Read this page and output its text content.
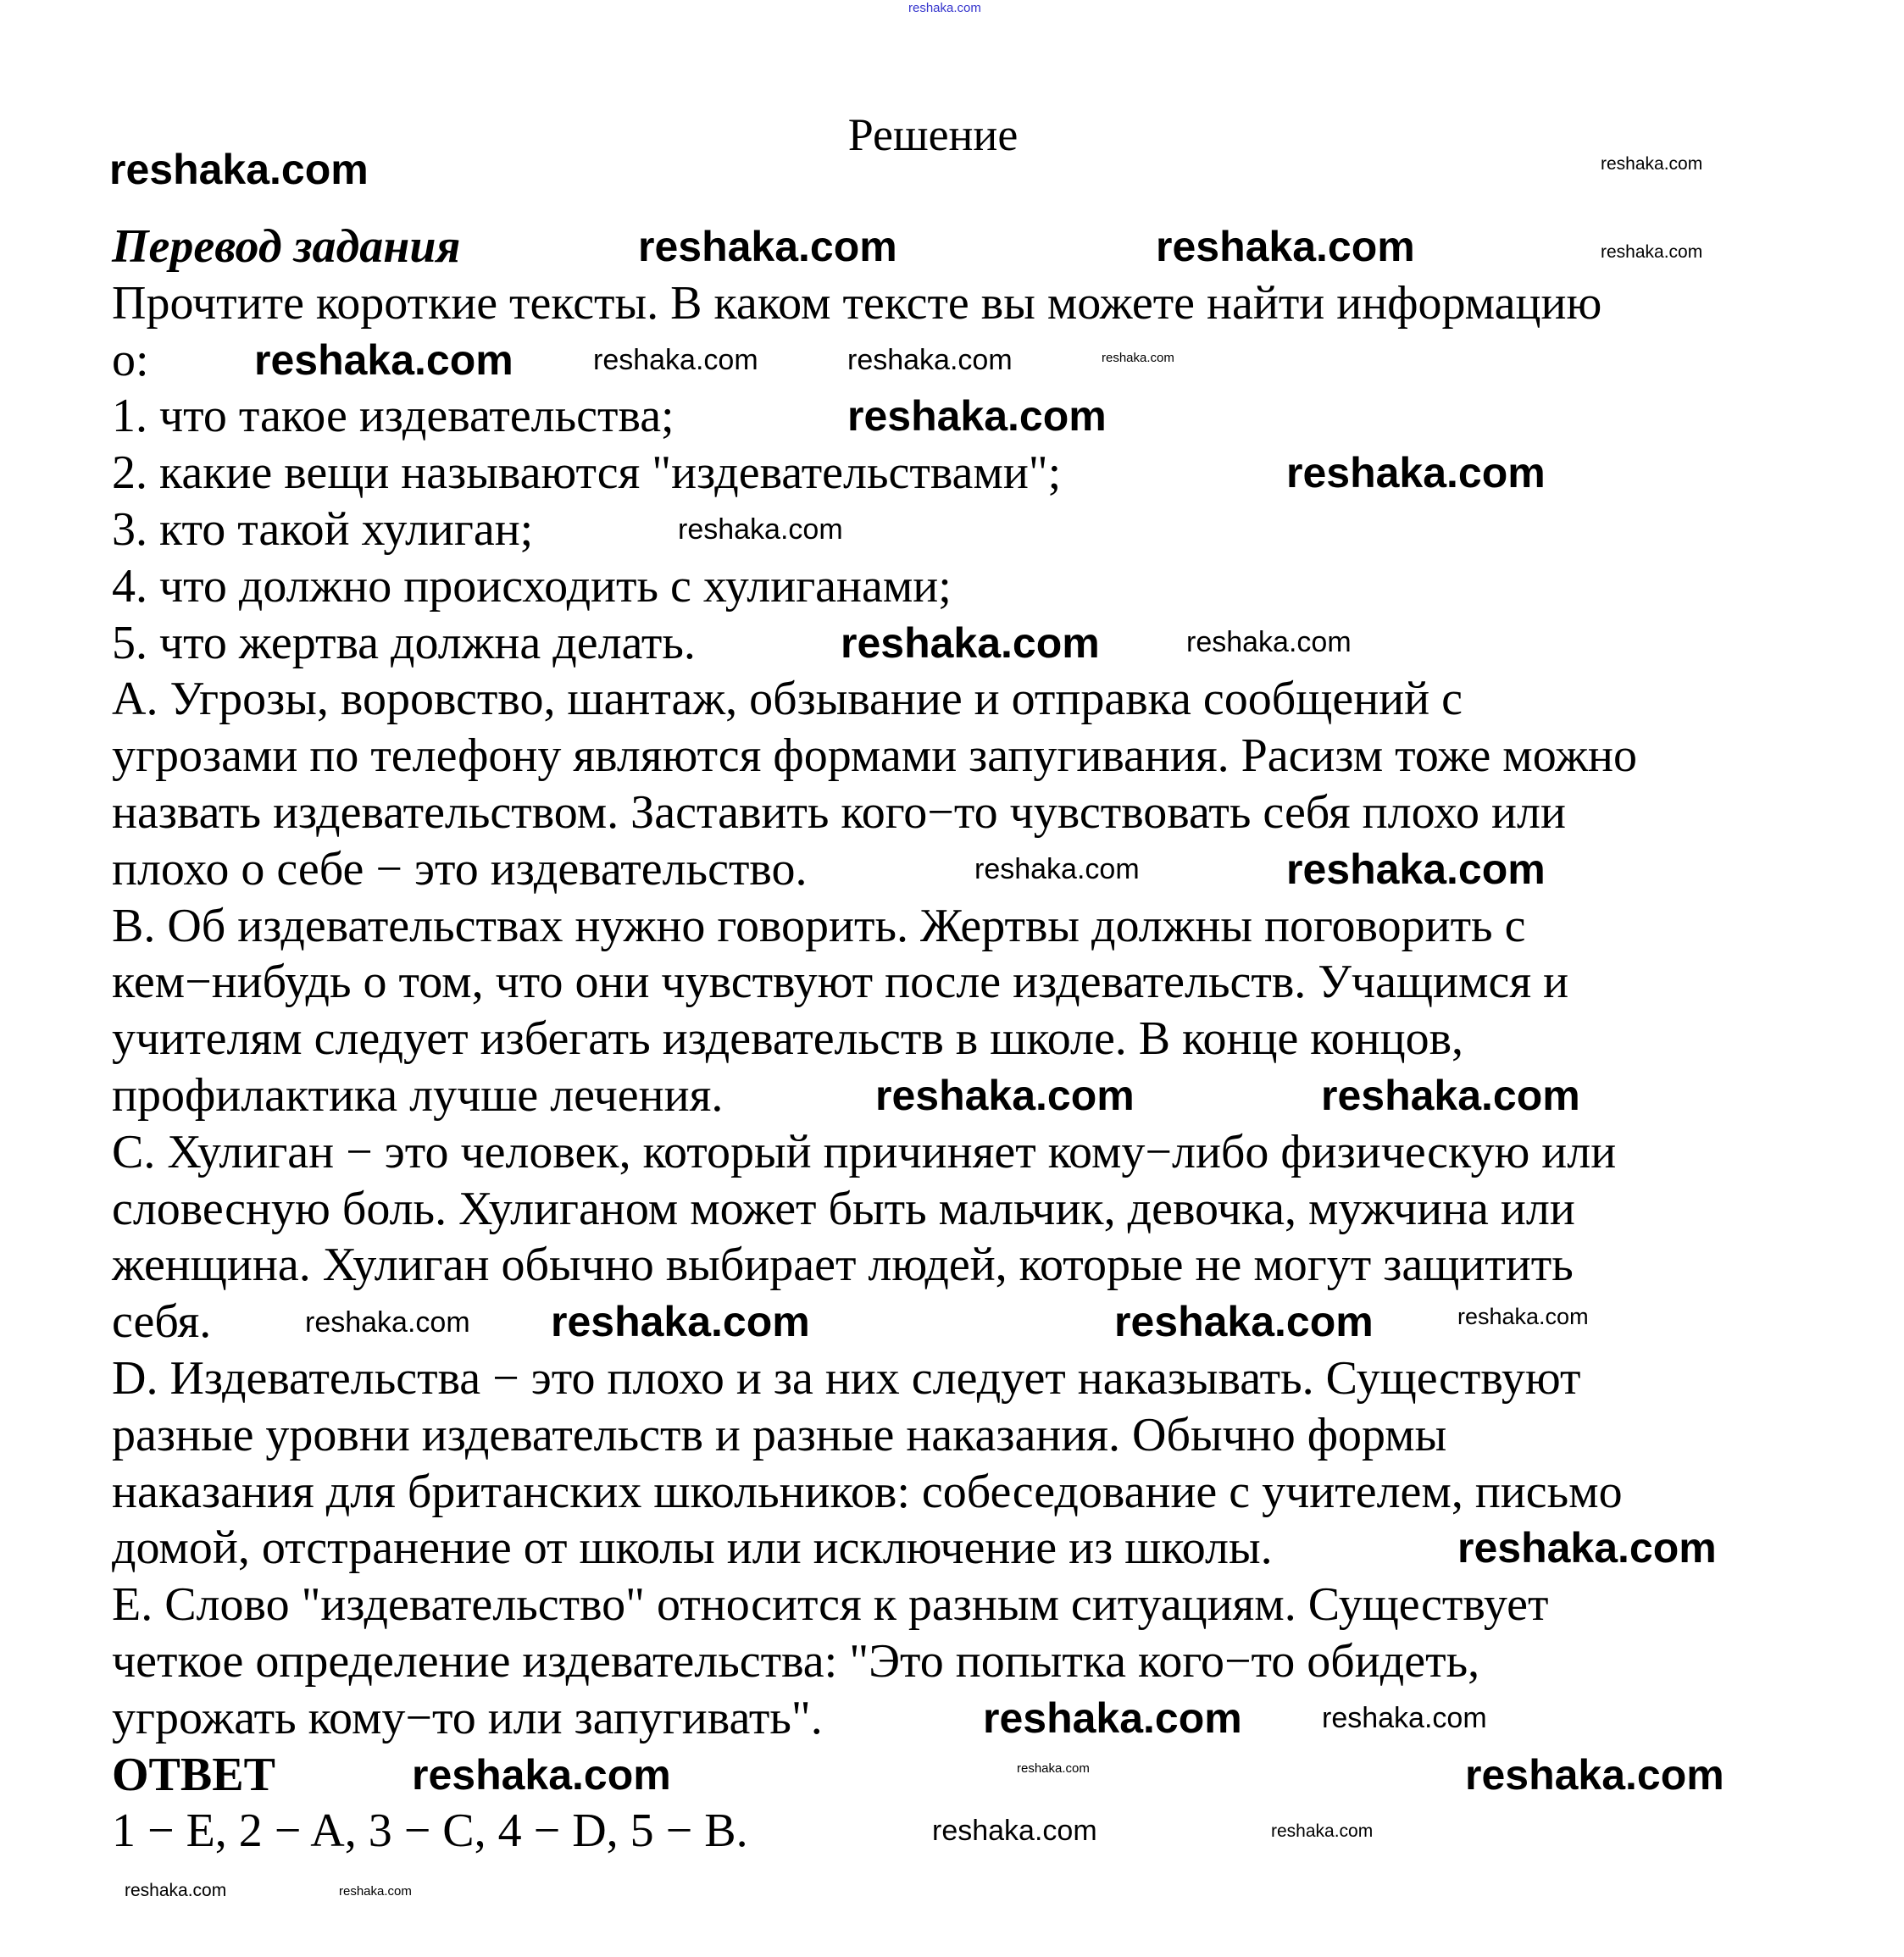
Решение
Перевод задания
Прочтите короткие тексты. В каком тексте вы можете найти информацию
о:
1. что такое издевательства;
2. какие вещи называются "издевательствами";
3. кто такой хулиган;
4. что должно происходить с хулиганами;
5. что жертва должна делать.
A. Угрозы, воровство, шантаж, обзывание и отправка сообщений с
угрозами по телефону являются формами запугивания. Расизм тоже можно
назвать издевательством. Заставить кого−то чувствовать себя плохо или
плохо о себе − это издевательство.
B. Об издевательствах нужно говорить. Жертвы должны поговорить с
кем−нибудь о том, что они чувствуют после издевательств. Учащимся и
учителям следует избегать издевательств в школе. В конце концов,
профилактика лучше лечения.
C. Хулиган − это человек, который причиняет кому−либо физическую или
словесную боль. Хулиганом может быть мальчик, девочка, мужчина или
женщина. Хулиган обычно выбирает людей, которые не могут защитить
себя.
D. Издевательства − это плохо и за них следует наказывать. Существуют
разные уровни издевательств и разные наказания. Обычно формы
наказания для британских школьников: собеседование с учителем, письмо
домой, отстранение от школы или исключение из школы.
E. Слово "издевательство" относится к разным ситуациям. Существует
четкое определение издевательства: "Это попытка кого−то обидеть,
угрожать кому−то или запугивать".
ОТВЕТ
1 − E, 2 − A, 3 − C, 4 − D, 5 − B.
reshaka.com
reshaka.com
reshaka.com	reshaka.com
reshaka.com
reshaka.com
reshaka.com
reshaka.com
reshaka.com
reshaka.com	reshaka.com
reshaka.com	reshaka.com
reshaka.com
reshaka.com
reshaka.com	reshaka.com
reshaka.com
reshaka.com
reshaka.com
reshaka.com	reshaka.com
reshaka.com
reshaka.com
reshaka.com
reshaka.com
reshaka.com
reshaka.com
reshaka.com
reshaka.com
reshaka.com
reshaka.com
reshaka.com
